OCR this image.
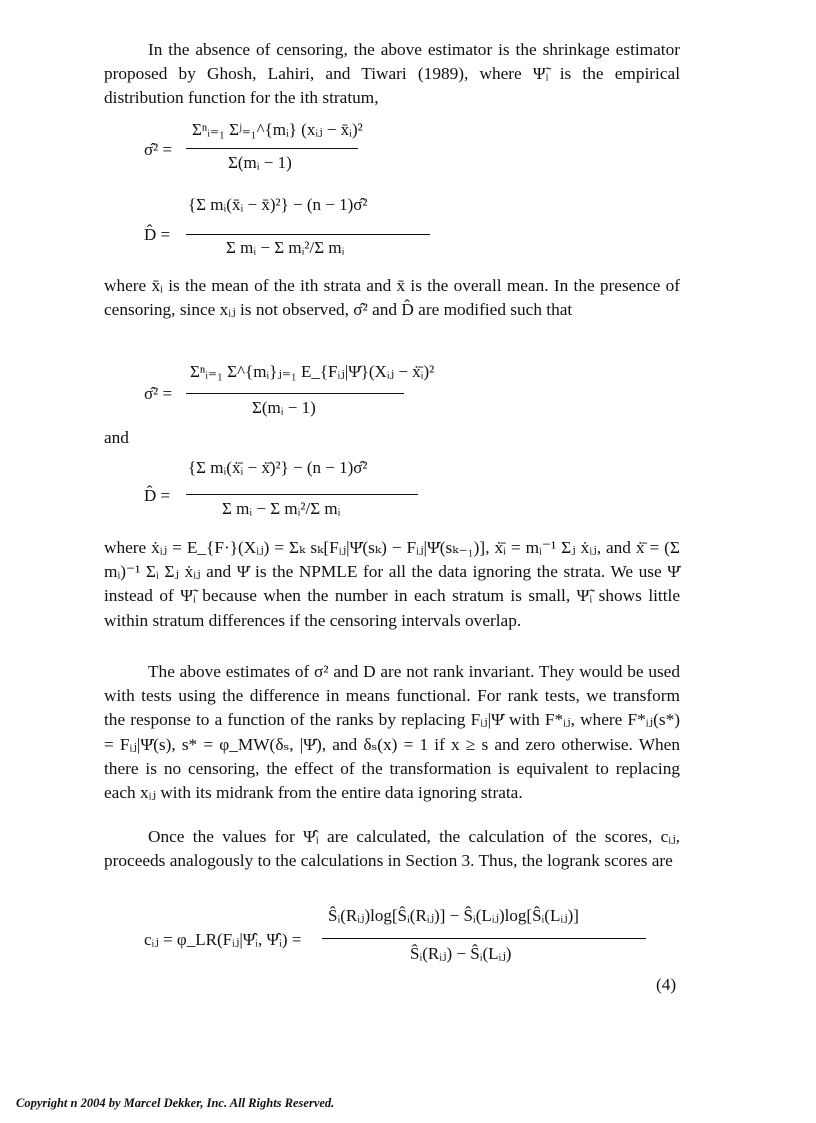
In the absence of censoring, the above estimator is the shrinkage estimator proposed by Ghosh, Lahiri, and Tiwari (1989), where Ψ̃ᵢ is the empirical distribution function for the ith stratum,

σ̂² =
Σⁿᵢ₌₁ Σʲ₌₁^{mᵢ} (xᵢⱼ − x̄ᵢ)²
Σ(mᵢ − 1)
D̂ =
{Σ mᵢ(x̄ᵢ − x̄)²} − (n − 1)σ̂²
Σ mᵢ − Σ mᵢ²/Σ mᵢ

where x̄ᵢ is the mean of the ith strata and x̄ is the overall mean. In the presence of censoring, since xᵢⱼ is not observed, σ̂² and D̂ are modified such that

σ̂² =
Σⁿᵢ₌₁ Σ^{mᵢ}ⱼ₌₁ E_{Fᵢⱼ|Ψ̇}(Xᵢⱼ − ẋ̄ᵢ)²
Σ(mᵢ − 1)
and
D̂ =
{Σ mᵢ(ẋ̄ᵢ − ẋ̄)²} − (n − 1)σ̂²
Σ mᵢ − Σ mᵢ²/Σ mᵢ

where ẋᵢⱼ = E_{F·}(Xᵢⱼ) = Σₖ sₖ[Fᵢⱼ|Ψ̇(sₖ) − Fᵢⱼ|Ψ̇(sₖ₋₁)], ẋ̄ᵢ = mᵢ⁻¹ Σⱼ ẋᵢⱼ, and ẋ̄ = (Σ mᵢ)⁻¹ Σᵢ Σⱼ ẋᵢⱼ and Ψ̇ is the NPMLE for all the data ignoring the strata. We use Ψ̇ instead of Ψ̃ᵢ because when the number in each stratum is small, Ψ̃ᵢ shows little within stratum differences if the censoring intervals overlap.

The above estimates of σ² and D are not rank invariant. They would be used with tests using the difference in means functional. For rank tests, we transform the response to a function of the ranks by replacing Fᵢⱼ|Ψ̇ with F*ᵢⱼ, where F*ᵢⱼ(s*) = Fᵢⱼ|Ψ̇(s), s* = φ_MW(δₛ, |Ψ̇), and δₛ(x) = 1 if x ≥ s and zero otherwise. When there is no censoring, the effect of the transformation is equivalent to replacing each xᵢⱼ with its midrank from the entire data ignoring strata.

Once the values for Ψ̂ᵢ are calculated, the calculation of the scores, cᵢⱼ, proceeds analogously to the calculations in Section 3. Thus, the logrank scores are

cᵢⱼ = φ_LR(Fᵢⱼ|Ψ̂ᵢ, Ψ̂ᵢ) =
Ŝᵢ(Rᵢⱼ)log[Ŝᵢ(Rᵢⱼ)] − Ŝᵢ(Lᵢⱼ)log[Ŝᵢ(Lᵢⱼ)]
Ŝᵢ(Rᵢⱼ) − Ŝᵢ(Lᵢⱼ)
(4)
Copyright n 2004 by Marcel Dekker, Inc. All Rights Reserved.
